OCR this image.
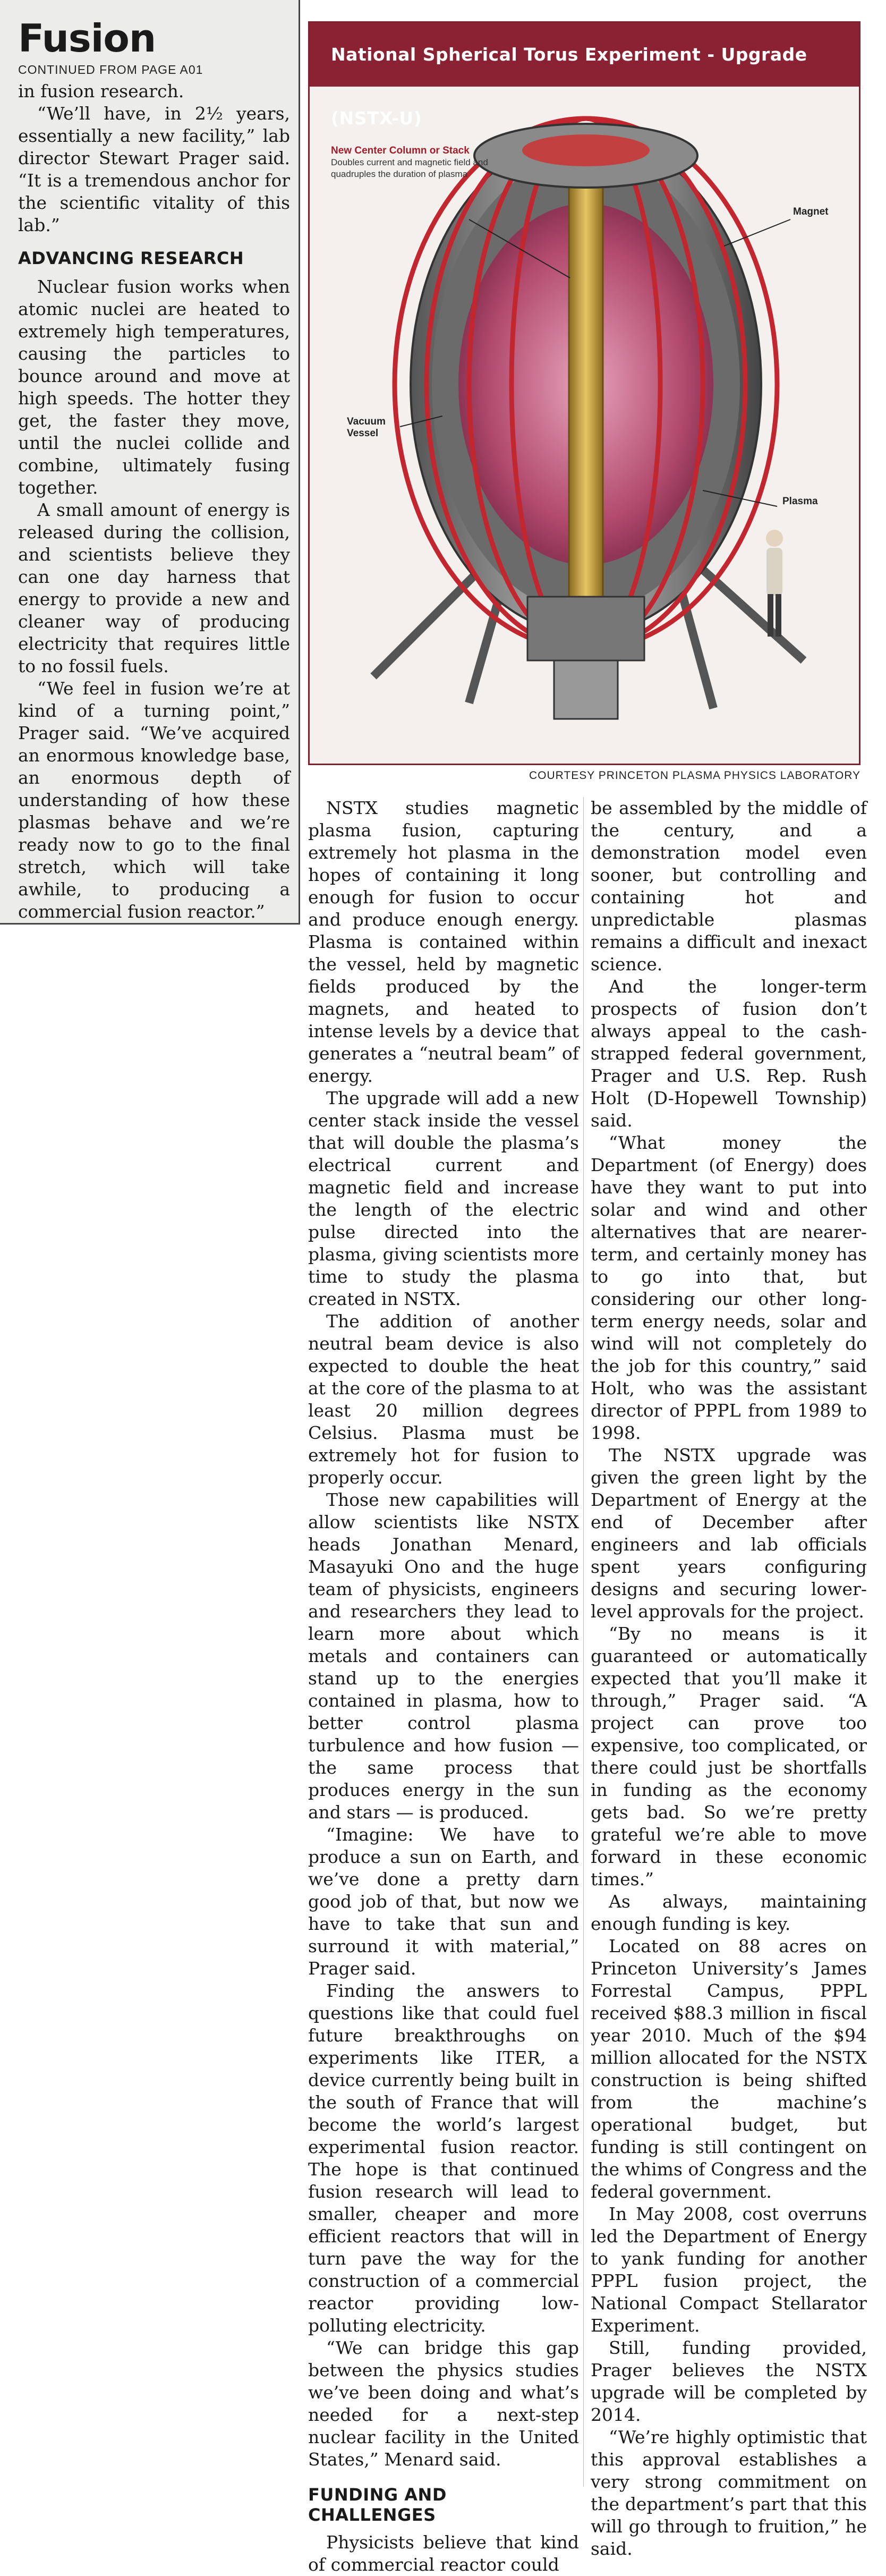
Fusion
CONTINUED FROM PAGE A01

in fusion research.

“We’ll have, in 2½ years, essentially a new facility,” lab director Stewart Prager said. “It is a tremendous anchor for the scientific vitality of this lab.”

ADVANCING RESEARCH

Nuclear fusion works when atomic nuclei are heated to extremely high temperatures, causing the particles to bounce around and move at high speeds. The hotter they get, the faster they move, until the nuclei collide and combine, ultimately fusing together.

A small amount of energy is released during the collision, and scientists believe they can one day harness that energy to provide a new and cleaner way of producing electricity that requires little to no fossil fuels.

“We feel in fusion we’re at kind of a turning point,” Prager said. “We’ve acquired an enormous knowledge base, an enormous depth of understanding of how these plasmas behave and we’re ready now to go to the final stretch, which will take awhile, to producing a commercial fusion reactor.”

National Spherical Torus Experiment - Upgrade (NSTX-U)
New Center Column or Stack
Doubles current and magnetic field and quadruples the duration of plasma
Magnet
Vacuum Vessel
Plasma
COURTESY PRINCETON PLASMA PHYSICS LABORATORY

NSTX studies magnetic plasma fusion, capturing extremely hot plasma in the hopes of containing it long enough for fusion to occur and produce enough energy. Plasma is contained within the vessel, held by magnetic fields produced by the magnets, and heated to intense levels by a device that generates a “neutral beam” of energy.

The upgrade will add a new center stack inside the vessel that will double the plasma’s electrical current and magnetic field and increase the length of the electric pulse directed into the plasma, giving scientists more time to study the plasma created in NSTX.

The addition of another neutral beam device is also expected to double the heat at the core of the plasma to at least 20 million degrees Celsius. Plasma must be extremely hot for fusion to properly occur.

Those new capabilities will allow scientists like NSTX heads Jonathan Menard, Masayuki Ono and the huge team of physicists, engineers and researchers they lead to learn more about which metals and containers can stand up to the energies contained in plasma, how to better control plasma turbulence and how fusion — the same process that produces energy in the sun and stars — is produced.

“Imagine: We have to produce a sun on Earth, and we’ve done a pretty darn good job of that, but now we have to take that sun and surround it with material,” Prager said.

Finding the answers to questions like that could fuel future breakthroughs on experiments like ITER, a device currently being built in the south of France that will become the world’s largest experimental fusion reactor. The hope is that continued fusion research will lead to smaller, cheaper and more efficient reactors that will in turn pave the way for the construction of a commercial reactor providing low-polluting electricity.

“We can bridge this gap between the physics studies we’ve been doing and what’s needed for a next-step nuclear facility in the United States,” Menard said.

FUNDING AND CHALLENGES

Physicists believe that kind of commercial reactor could

be assembled by the middle of the century, and a demonstration model even sooner, but controlling and containing hot and unpredictable plasmas remains a difficult and inexact science.

And the longer-term prospects of fusion don’t always appeal to the cash-strapped federal government, Prager and U.S. Rep. Rush Holt (D-Hopewell Township) said.

“What money the Department (of Energy) does have they want to put into solar and wind and other alternatives that are nearer-term, and certainly money has to go into that, but considering our other long-term energy needs, solar and wind will not completely do the job for this country,” said Holt, who was the assistant director of PPPL from 1989 to 1998.

The NSTX upgrade was given the green light by the Department of Energy at the end of December after engineers and lab officials spent years configuring designs and securing lower-level approvals for the project.

“By no means is it guaranteed or automatically expected that you’ll make it through,” Prager said. “A project can prove too expensive, too complicated, or there could just be shortfalls in funding as the economy gets bad. So we’re pretty grateful we’re able to move forward in these economic times.”

As always, maintaining enough funding is key.

Located on 88 acres on Princeton University’s James Forrestal Campus, PPPL received $88.3 million in fiscal year 2010. Much of the $94 million allocated for the NSTX construction is being shifted from the machine’s operational budget, but funding is still contingent on the whims of Congress and the federal government.

In May 2008, cost overruns led the Department of Energy to yank funding for another PPPL fusion project, the National Compact Stellarator Experiment.

Still, funding provided, Prager believes the NSTX upgrade will be completed by 2014.

“We’re highly optimistic that this approval establishes a very strong commitment on the department’s part that this will go through to fruition,” he said.
